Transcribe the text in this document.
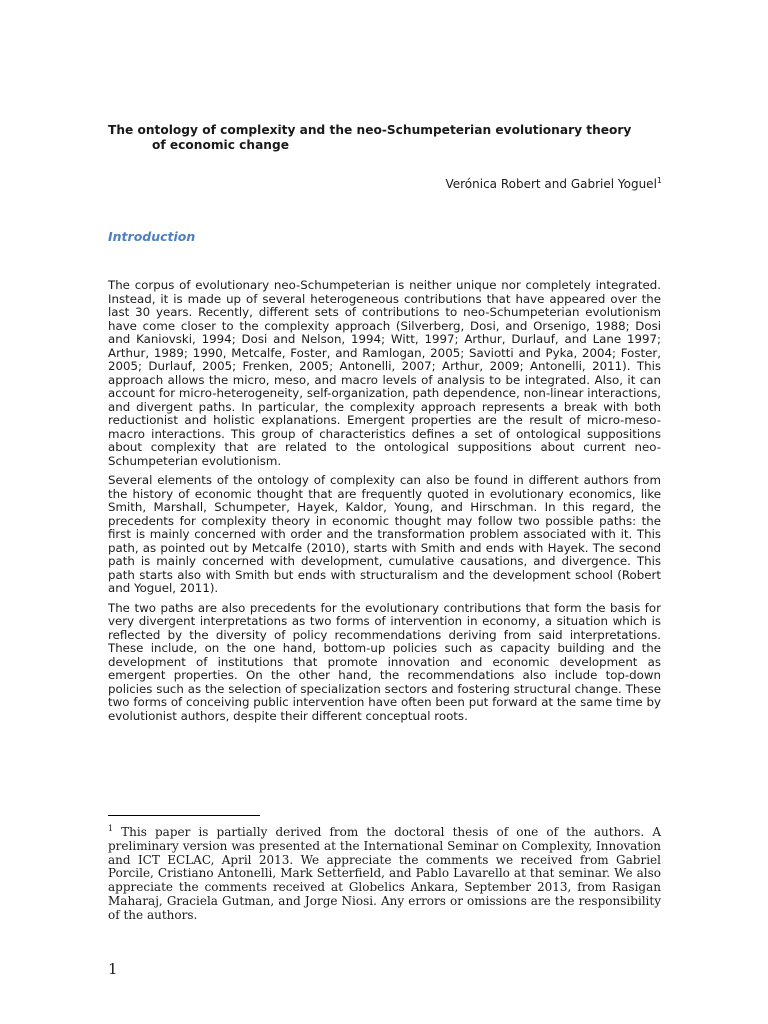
The ontology of complexity and the neo-Schumpeterian evolutionary theory
of economic change
Verónica Robert and Gabriel Yoguel$^1$
Introduction

The corpus of evolutionary neo-Schumpeterian is neither unique nor completely integrated. Instead, it is made up of several heterogeneous contributions that have appeared over the last 30 years. Recently, different sets of contributions to neo-Schumpeterian evolutionism have come closer to the complexity approach (Silverberg, Dosi, and Orsenigo, 1988; Dosi and Kaniovski, 1994; Dosi and Nelson, 1994; Witt, 1997; Arthur, Durlauf, and Lane 1997; Arthur, 1989; 1990, Metcalfe, Foster, and Ramlogan, 2005; Saviotti and Pyka, 2004; Foster, 2005; Durlauf, 2005; Frenken, 2005; Antonelli, 2007; Arthur, 2009; Antonelli, 2011). This approach allows the micro, meso, and macro levels of analysis to be integrated. Also, it can account for micro-heterogeneity, self-organization, path dependence, non-linear interactions, and divergent paths. In particular, the complexity approach represents a break with both reductionist and holistic explanations. Emergent properties are the result of micro-meso-macro interactions. This group of characteristics defines a set of ontological suppositions about complexity that are related to the ontological suppositions about current neo-Schumpeterian evolutionism.

Several elements of the ontology of complexity can also be found in different authors from the history of economic thought that are frequently quoted in evolutionary economics, like Smith, Marshall, Schumpeter, Hayek, Kaldor, Young, and Hirschman. In this regard, the precedents for complexity theory in economic thought may follow two possible paths: the first is mainly concerned with order and the transformation problem associated with it. This path, as pointed out by Metcalfe (2010), starts with Smith and ends with Hayek. The second path is mainly concerned with development, cumulative causations, and divergence. This path starts also with Smith but ends with structuralism and the development school (Robert and Yoguel, 2011).

The two paths are also precedents for the evolutionary contributions that form the basis for very divergent interpretations as two forms of intervention in economy, a situation which is reflected by the diversity of policy recommendations deriving from said interpretations. These include, on the one hand, bottom-up policies such as capacity building and the development of institutions that promote innovation and economic development as emergent properties. On the other hand, the recommendations also include top-down policies such as the selection of specialization sectors and fostering structural change. These two forms of conceiving public intervention have often been put forward at the same time by evolutionist authors, despite their different conceptual roots.

$^1$ This paper is partially derived from the doctoral thesis of one of the authors. A preliminary version was presented at the International Seminar on Complexity, Innovation and ICT ECLAC, April 2013. We appreciate the comments we received from Gabriel Porcile, Cristiano Antonelli, Mark Setterfield, and Pablo Lavarello at that seminar. We also appreciate the comments received at Globelics Ankara, September 2013, from Rasigan Maharaj, Graciela Gutman, and Jorge Niosi. Any errors or omissions are the responsibility of the authors.
1
